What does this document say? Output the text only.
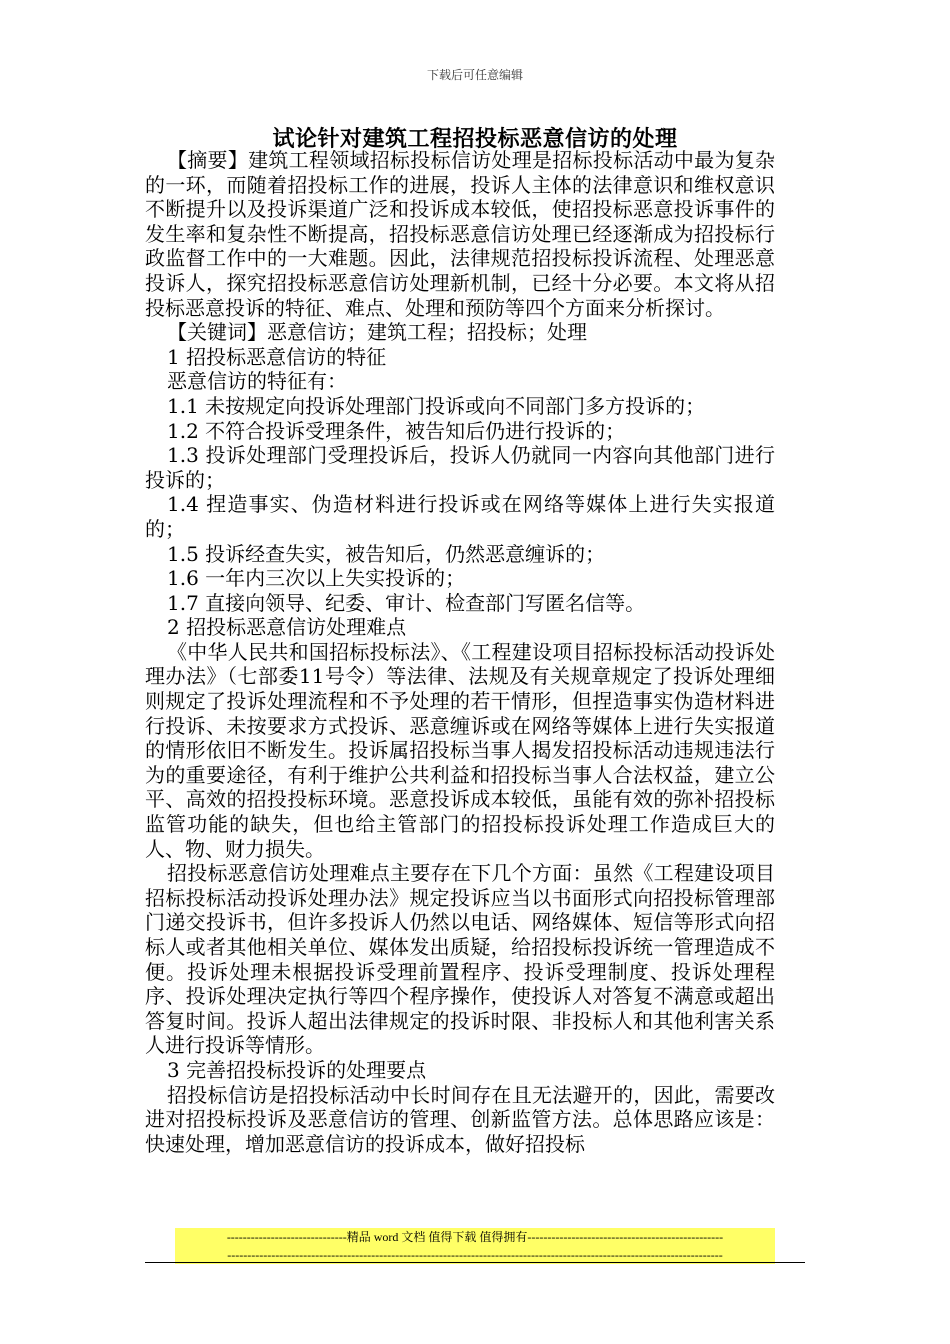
下载后可任意编辑
试论针对建筑工程招投标恶意信访的处理

【摘要】建筑工程领域招标投标信访处理是招标投标活动中最为复杂的一环，而随着招投标工作的进展，投诉人主体的法律意识和维权意识不断提升以及投诉渠道广泛和投诉成本较低，使招投标恶意投诉事件的发生率和复杂性不断提高，招投标恶意信访处理已经逐渐成为招投标行政监督工作中的一大难题。因此，法律规范招投标投诉流程、处理恶意投诉人，探究招投标恶意信访处理新机制，已经十分必要。本文将从招投标恶意投诉的特征、难点、处理和预防等四个方面来分析探讨。

【关键词】恶意信访；建筑工程；招投标；处理

1 招投标恶意信访的特征

恶意信访的特征有：

1.1 未按规定向投诉处理部门投诉或向不同部门多方投诉的；

1.2 不符合投诉受理条件，被告知后仍进行投诉的；

1.3 投诉处理部门受理投诉后，投诉人仍就同一内容向其他部门进行投诉的；

1.4 捏造事实、伪造材料进行投诉或在网络等媒体上进行失实报道的；

1.5 投诉经查失实，被告知后，仍然恶意缠诉的；

1.6 一年内三次以上失实投诉的；

1.7 直接向领导、纪委、审计、检查部门写匿名信等。

2 招投标恶意信访处理难点

《中华人民共和国招标投标法》、《工程建设项目招标投标活动投诉处理办法》（七部委11号令）等法律、法规及有关规章规定了投诉处理细则规定了投诉处理流程和不予处理的若干情形，但捏造事实伪造材料进行投诉、未按要求方式投诉、恶意缠诉或在网络等媒体上进行失实报道的情形依旧不断发生。投诉属招投标当事人揭发招投标活动违规违法行为的重要途径，有利于维护公共利益和招投标当事人合法权益，建立公平、高效的招投投标环境。恶意投诉成本较低，虽能有效的弥补招投标监管功能的缺失，但也给主管部门的招投标投诉处理工作造成巨大的人、物、财力损失。

招投标恶意信访处理难点主要存在下几个方面：虽然《工程建设项目招标投标活动投诉处理办法》规定投诉应当以书面形式向招投标管理部门递交投诉书，但许多投诉人仍然以电话、网络媒体、短信等形式向招标人或者其他相关单位、媒体发出质疑，给招投标投诉统一管理造成不便。投诉处理未根据投诉受理前置程序、投诉受理制度、投诉处理程序、投诉处理决定执行等四个程序操作，使投诉人对答复不满意或超出答复时间。投诉人超出法律规定的投诉时限、非投标人和其他利害关系人进行投诉等情形。

3 完善招投标投诉的处理要点

招投标信访是招投标活动中长时间存在且无法避开的，因此，需要改进对招投标投诉及恶意信访的管理、创新监管方法。总体思路应该是：快速处理，增加恶意信访的投诉成本，做好招投标

------------------------------精品 word 文档 值得下载 值得拥有-------------------------------------------------
----------------------------------------------------------------------------------------------------------------------------
